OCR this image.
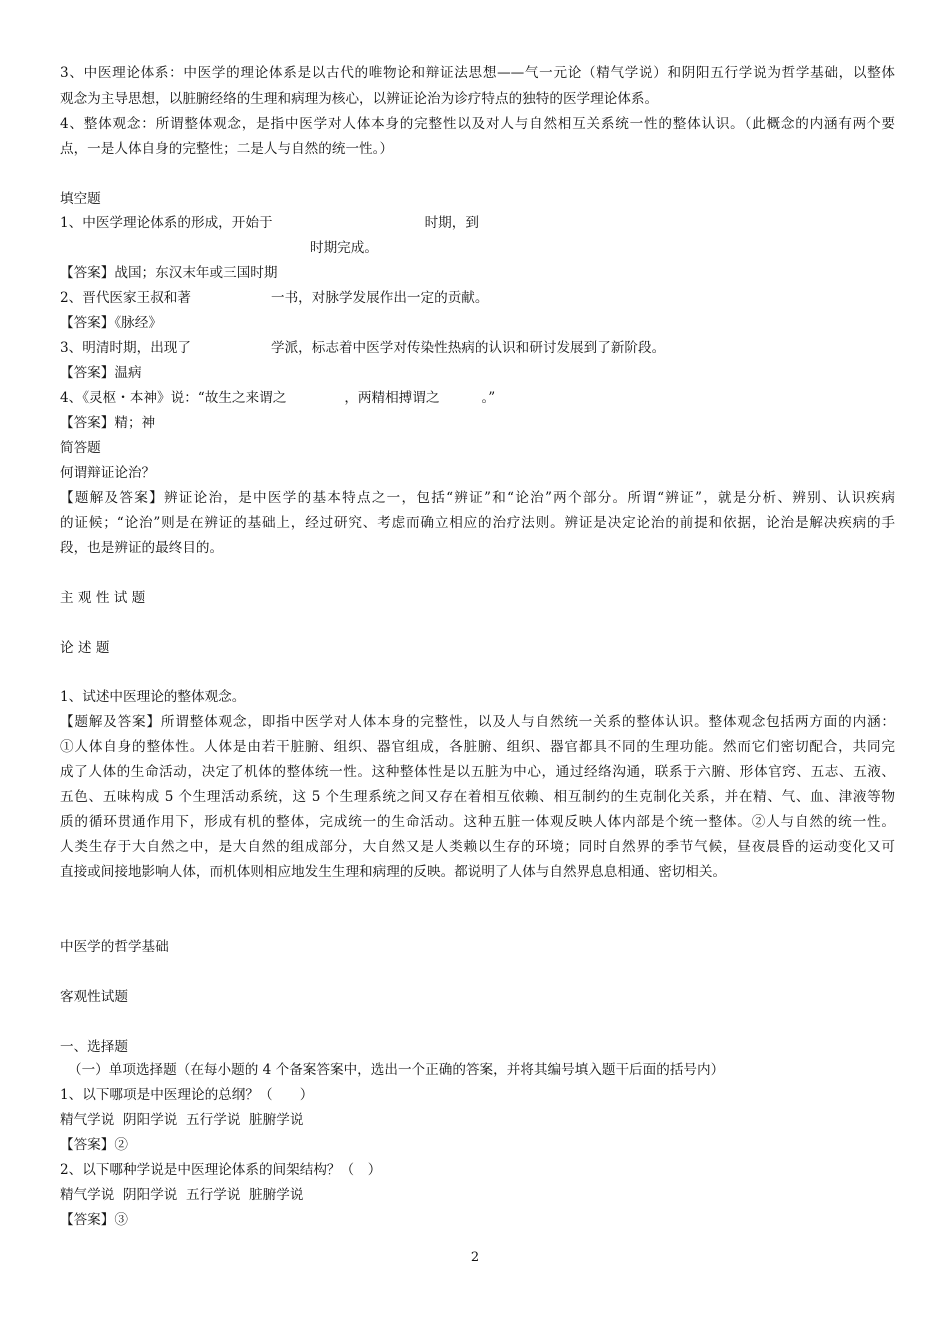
3、中医理论体系：中医学的理论体系是以古代的唯物论和辩证法思想——气一元论（精气学说）和阴阳五行学说为哲学基础，以整体
观念为主导思想，以脏腑经络的生理和病理为核心，以辨证论治为诊疗特点的独特的医学理论体系。
4、整体观念：所谓整体观念，是指中医学对人体本身的完整性以及对人与自然相互关系统一性的整体认识。（此概念的内涵有两个要
点，一是人体自身的完整性；二是人与自然的统一性。）
填空题
1、中医学理论体系的形成，开始于	时期，到
时期完成。
【答案】战国；东汉末年或三国时期
2、晋代医家王叔和著	一书，对脉学发展作出一定的贡献。
【答案】《脉经》
3、明清时期，出现了	学派，标志着中医学对传染性热病的认识和研讨发展到了新阶段。
【答案】温病
4、《灵枢・本神》说：“故生之来谓之	，两精相搏谓之	。”
【答案】精；神
简答题
何谓辩证论治？
【题解及答案】辨证论治，是中医学的基本特点之一，包括“辨证”和“论治”两个部分。所谓“辨证”，就是分析、辨别、认识疾病
的证候；“论治”则是在辨证的基础上，经过研究、考虑而确立相应的治疗法则。辨证是决定论治的前提和依据，论治是解决疾病的手
段，也是辨证的最终目的。
主 观 性 试 题
论 述 题
1、试述中医理论的整体观念。
【题解及答案】所谓整体观念，即指中医学对人体本身的完整性，以及人与自然统一关系的整体认识。整体观念包括两方面的内涵：
①人体自身的整体性。人体是由若干脏腑、组织、器官组成，各脏腑、组织、器官都具不同的生理功能。然而它们密切配合，共同完
成了人体的生命活动，决定了机体的整体统一性。这种整体性是以五脏为中心，通过经络沟通，联系于六腑、形体官窍、五志、五液、
五色、五味构成 5 个生理活动系统，这 5 个生理系统之间又存在着相互依赖、相互制约的生克制化关系，并在精、气、血、津液等物
质的循环贯通作用下，形成有机的整体，完成统一的生命活动。这种五脏一体观反映人体内部是个统一整体。②人与自然的统一性。
人类生存于大自然之中，是大自然的组成部分，大自然又是人类赖以生存的环境；同时自然界的季节气候，昼夜晨昏的运动变化又可
直接或间接地影响人体，而机体则相应地发生生理和病理的反映。都说明了人体与自然界息息相通、密切相关。
中医学的哲学基础
客观性试题
一、选择题
（一）单项选择题（在每小题的 4 个备案答案中，选出一个正确的答案，并将其编号填入题干后面的括号内）
1、以下哪项是中医理论的总纲？（　　）
精气学说  阴阳学说  五行学说  脏腑学说
【答案】②
2、以下哪种学说是中医理论体系的间架结构？（　）
精气学说  阴阳学说  五行学说  脏腑学说
【答案】③
2
